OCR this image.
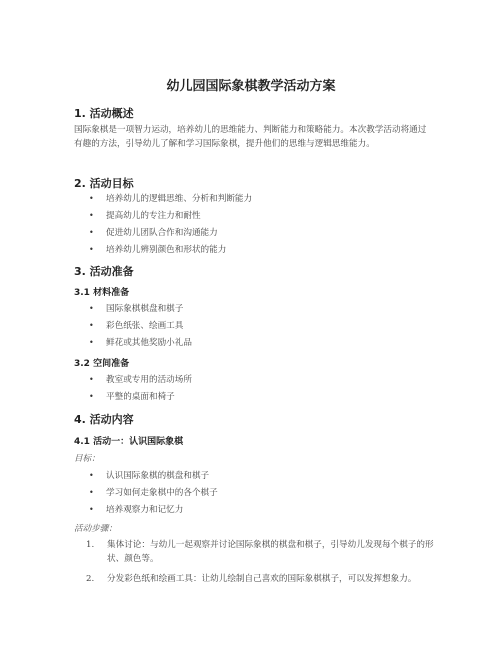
幼儿园国际象棋教学活动方案
1. 活动概述
国际象棋是一项智力运动，培养幼儿的思维能力、判断能力和策略能力。本次教学活动将通过有趣的方法，引导幼儿了解和学习国际象棋，提升他们的思维与逻辑思维能力。
2. 活动目标
• 培养幼儿的逻辑思维、分析和判断能力
• 提高幼儿的专注力和耐性
• 促进幼儿团队合作和沟通能力
• 培养幼儿辨别颜色和形状的能力
3. 活动准备
3.1 材料准备
• 国际象棋棋盘和棋子
• 彩色纸张、绘画工具
• 鲜花或其他奖励小礼品
3.2 空间准备
• 教室或专用的活动场所
• 平整的桌面和椅子
4. 活动内容
4.1 活动一：认识国际象棋
目标：
• 认识国际象棋的棋盘和棋子
• 学习如何走象棋中的各个棋子
• 培养观察力和记忆力
活动步骤：
1. 集体讨论：与幼儿一起观察并讨论国际象棋的棋盘和棋子，引导幼儿发现每个棋子的形状、颜色等。
2. 分发彩色纸和绘画工具：让幼儿绘制自己喜欢的国际象棋棋子，可以发挥想象力。
